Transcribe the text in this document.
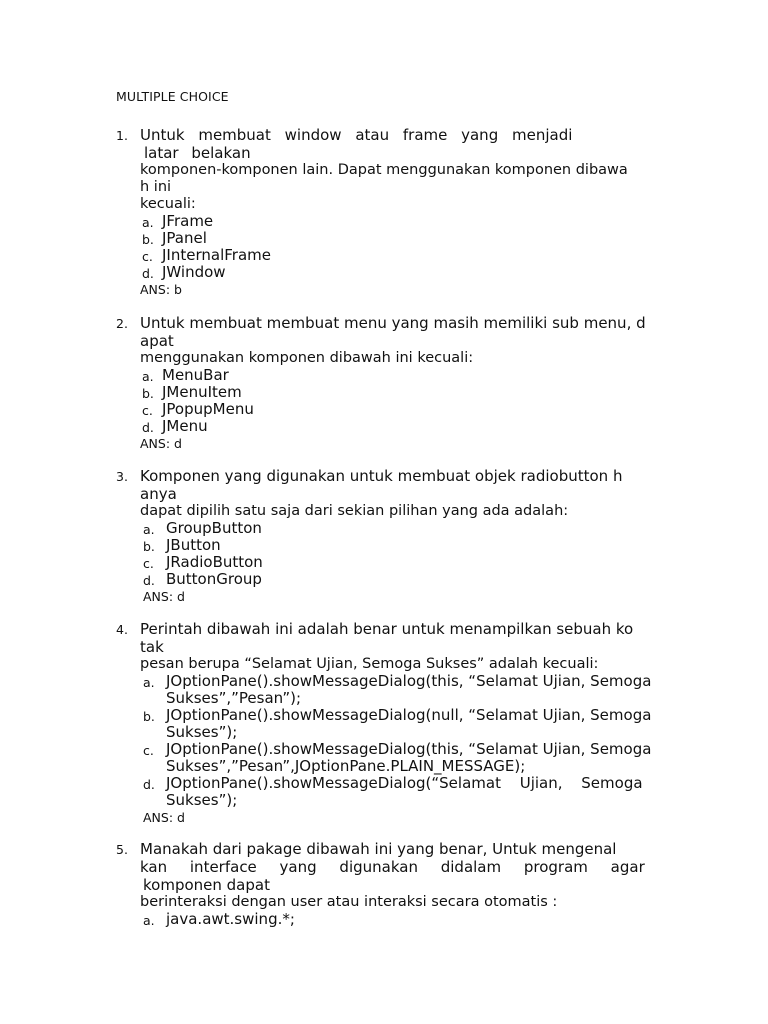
MULTIPLE CHOICE
1. Untuk membuat window atau frame yang menjadi
latar belakan
komponen-komponen lain. Dapat menggunakan komponen dibawa
h ini
kecuali:
a. JFrame
b. JPanel
c. JInternalFrame
d. JWindow
ANS: b
2. Untuk membuat membuat menu yang masih memiliki sub menu, d
apat
menggunakan komponen dibawah ini kecuali:
a. MenuBar
b. JMenuItem
c. JPopupMenu
d. JMenu
ANS: d
3. Komponen yang digunakan untuk membuat objek radiobutton h
anya
dapat dipilih satu saja dari sekian pilihan yang ada adalah:
a. GroupButton
b. JButton
c. JRadioButton
d. ButtonGroup
ANS: d
4. Perintah dibawah ini adalah benar untuk menampilkan sebuah ko
tak
pesan berupa “Selamat Ujian, Semoga Sukses” adalah kecuali:
a. JOptionPane().showMessageDialog(this, “Selamat Ujian, Semoga
Sukses”,”Pesan”);
b. JOptionPane().showMessageDialog(null, “Selamat Ujian, Semoga
Sukses”);
c. JOptionPane().showMessageDialog(this, “Selamat Ujian, Semoga
Sukses”,”Pesan”,JOptionPane.PLAIN_MESSAGE);
d. JOptionPane().showMessageDialog(“Selamat Ujian, Semoga
Sukses”);
ANS: d
5. Manakah dari pakage dibawah ini yang benar, Untuk mengenal
kan interface yang digunakan didalam program agar
komponen dapat
berinteraksi dengan user atau interaksi secara otomatis :
a. java.awt.swing.*;
